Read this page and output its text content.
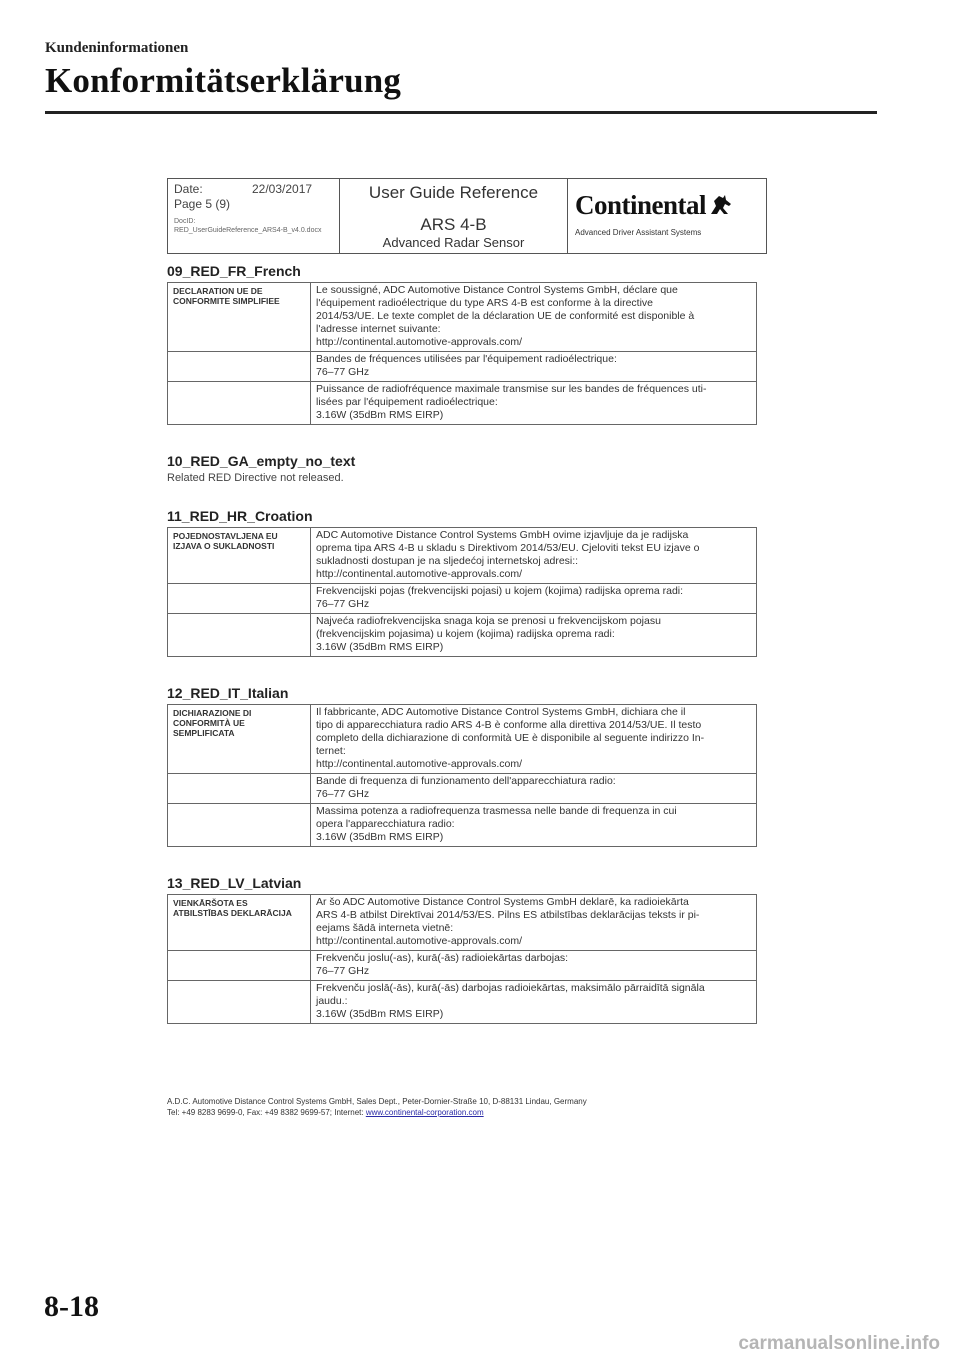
Kundeninformationen
Konformitätserklärung
Date:	22/03/2017
Page 5 (9)
DocID:
RED_UserGuideReference_ARS4-B_v4.0.docx
User Guide Reference
ARS 4-B
Advanced Radar Sensor
Continental
Advanced Driver Assistant Systems
09_RED_FR_French
DECLARATION UE DE CONFORMITE SIMPLIFIEE	Le soussigné, ADC Automotive Distance Control Systems GmbH, déclare que
l'équipement radioélectrique du type ARS 4-B est conforme à la directive
2014/53/UE. Le texte complet de la déclaration UE de conformité est disponible à
l'adresse internet suivante:
http://continental.automotive-approvals.com/

	Bandes de fréquences utilisées par l'équipement radioélectrique:
76–77 GHz

	Puissance de radiofréquence maximale transmise sur les bandes de fréquences uti-
lisées par l'équipement radioélectrique:
3.16W (35dBm RMS EIRP)
10_RED_GA_empty_no_text
Related RED Directive not released.
11_RED_HR_Croation
POJEDNOSTAVLJENA EU IZJAVA O SUKLADNOSTI	ADC Automotive Distance Control Systems GmbH ovime izjavljuje da je radijska
oprema tipa ARS 4-B u skladu s Direktivom 2014/53/EU. Cjeloviti tekst EU izjave o
sukladnosti dostupan je na sljedećoj internetskoj adresi::
http://continental.automotive-approvals.com/

	Frekvencijski pojas (frekvencijski pojasi) u kojem (kojima) radijska oprema radi:
76–77 GHz

	Najveća radiofrekvencijska snaga koja se prenosi u frekvencijskom pojasu
(frekvencijskim pojasima) u kojem (kojima) radijska oprema radi:
3.16W (35dBm RMS EIRP)
12_RED_IT_Italian
DICHIARAZIONE DI CONFORMITÀ UE SEMPLIFICATA	Il fabbricante, ADC Automotive Distance Control Systems GmbH, dichiara che il
tipo di apparecchiatura radio ARS 4-B è conforme alla direttiva 2014/53/UE. Il testo
completo della dichiarazione di conformità UE è disponibile al seguente indirizzo In-
ternet:
http://continental.automotive-approvals.com/

	Bande di frequenza di funzionamento dell'apparecchiatura radio:
76–77 GHz

	Massima potenza a radiofrequenza trasmessa nelle bande di frequenza in cui
opera l'apparecchiatura radio:
3.16W (35dBm RMS EIRP)
13_RED_LV_Latvian
VIENKĀRŠOTA ES ATBILSTĪBAS DEKLARĀCIJA	Ar šo ADC Automotive Distance Control Systems GmbH deklarē, ka radioiekārta
ARS 4-B atbilst Direktīvai 2014/53/ES. Pilns ES atbilstības deklarācijas teksts ir pi-
eejams šādā interneta vietnē:
http://continental.automotive-approvals.com/

	Frekvenču joslu(-as), kurā(-ās) radioiekārtas darbojas:
76–77 GHz

	Frekvenču joslā(-ās), kurā(-ās) darbojas radioiekārtas, maksimālo pārraidītā signāla
jaudu.:
3.16W (35dBm RMS EIRP)
A.D.C. Automotive Distance Control Systems GmbH, Sales Dept., Peter-Dornier-Straße 10, D-88131 Lindau, Germany
Tel: +49 8283 9699-0, Fax: +49 8382 9699-57; Internet: www.continental-corporation.com
8-18
carmanualsonline.info
